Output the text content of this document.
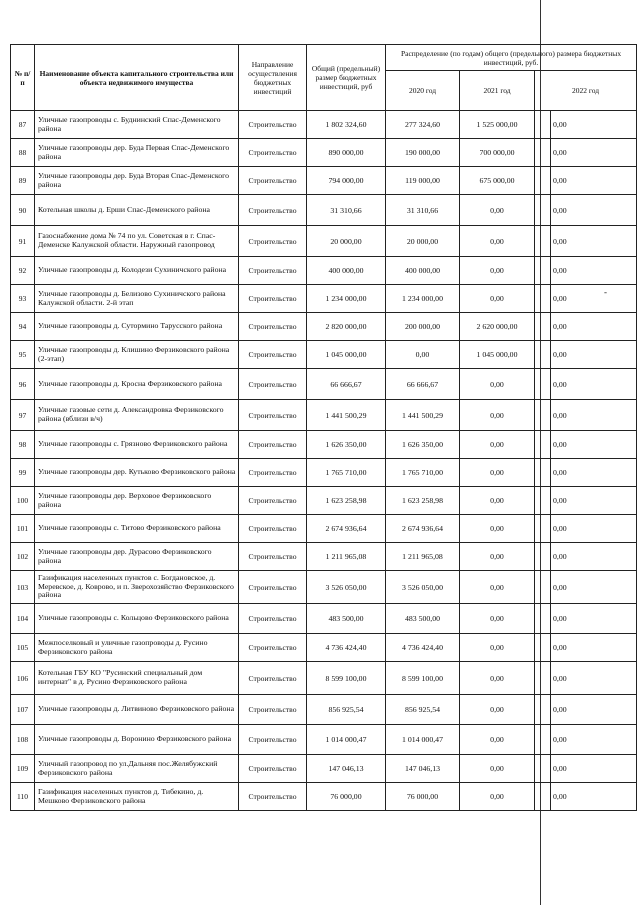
-
№ п/п	Наименование объекта капитального строительства или объекта недвижимого имущества	Направление осуществления бюджетных инвестиций	Общий (предельный) размер бюджетных инвестиций, руб	Распределение (по годам) общего (предельного) размера бюджетных инвестиций, руб.			
				2020 год	2021 год	2022 год	
87	Уличные газопроводы с. Буднинский Спас-Деменского района	Строительство	1 802 324,60	277 324,60	1 525 000,00		0,00
88	Уличные газопроводы дер. Буда Первая Спас-Деменского района	Строительство	890 000,00	190 000,00	700 000,00		0,00
89	Уличные газопроводы дер. Буда Вторая Спас-Деменского района	Строительство	794 000,00	119 000,00	675 000,00		0,00
90	Котельная школы д. Ерши Спас-Деменского района	Строительство	31 310,66	31 310,66	0,00		0,00
91	Газоснабжение дома № 74 по ул. Советская в г. Спас-Деменске Калужской области. Наружный газопровод	Строительство	20 000,00	20 000,00	0,00		0,00
92	Уличные газопроводы д. Колодези Сухиничского района	Строительство	400 000,00	400 000,00	0,00		0,00
93	Уличные газопроводы д. Белизово Сухиничского района Калужской области. 2-й этап	Строительство	1 234 000,00	1 234 000,00	0,00		0,00
94	Уличные газопроводы д. Сутормино Тарусского района	Строительство	2 820 000,00	200 000,00	2 620 000,00		0,00
95	Уличные газопроводы д. Клишино Ферзиковского района (2-этап)	Строительство	1 045 000,00	0,00	1 045 000,00		0,00
96	Уличные газопроводы д. Кросна Ферзиковского района	Строительство	66 666,67	66 666,67	0,00		0,00
97	Уличные газовые сети д. Александровка Ферзиковского района (вблизи в/ч)	Строительство	1 441 500,29	1 441 500,29	0,00		0,00
98	Уличные газопроводы с. Грязново Ферзиковского района	Строительство	1 626 350,00	1 626 350,00	0,00		0,00
99	Уличные газопроводы дер. Кутьково Ферзиковского района	Строительство	1 765 710,00	1 765 710,00	0,00		0,00
100	Уличные газопроводы дер. Верховое Ферзиковского района	Строительство	1 623 258,98	1 623 258,98	0,00		0,00
101	Уличные газопроводы с. Титово Ферзиковского района	Строительство	2 674 936,64	2 674 936,64	0,00		0,00
102	Уличные газопроводы дер. Дурасово Ферзиковского района	Строительство	1 211 965,08	1 211 965,08	0,00		0,00
103	Газификация населенных пунктов с. Богдановское, д. Меревское, д. Коврово, и п. Зверохозяйство Ферзиковского района	Строительство	3 526 050,00	3 526 050,00	0,00		0,00
104	Уличные газопроводы с. Кольцово Ферзиковского района	Строительство	483 500,00	483 500,00	0,00		0,00
105	Межпоселковый и уличные газопроводы д. Русино Ферзиковского района	Строительство	4 736 424,40	4 736 424,40	0,00		0,00
106	Котельная ГБУ КО "Русинский специальный дом интернат" в д. Русино Ферзиковского района	Строительство	8 599 100,00	8 599 100,00	0,00		0,00
107	Уличные газопроводы д. Литвиново Ферзиковского района	Строительство	856 925,54	856 925,54	0,00		0,00
108	Уличные газопроводы д. Воронино Ферзиковского района	Строительство	1 014 000,47	1 014 000,47	0,00		0,00
109	Уличный газопровод по ул.Дальняя пос.Желябужский Ферзиковского района	Строительство	147 046,13	147 046,13	0,00		0,00
110	Газификация населенных пунктов д. Тибекино, д. Мешково Ферзиковского района	Строительство	76 000,00	76 000,00	0,00		0,00
